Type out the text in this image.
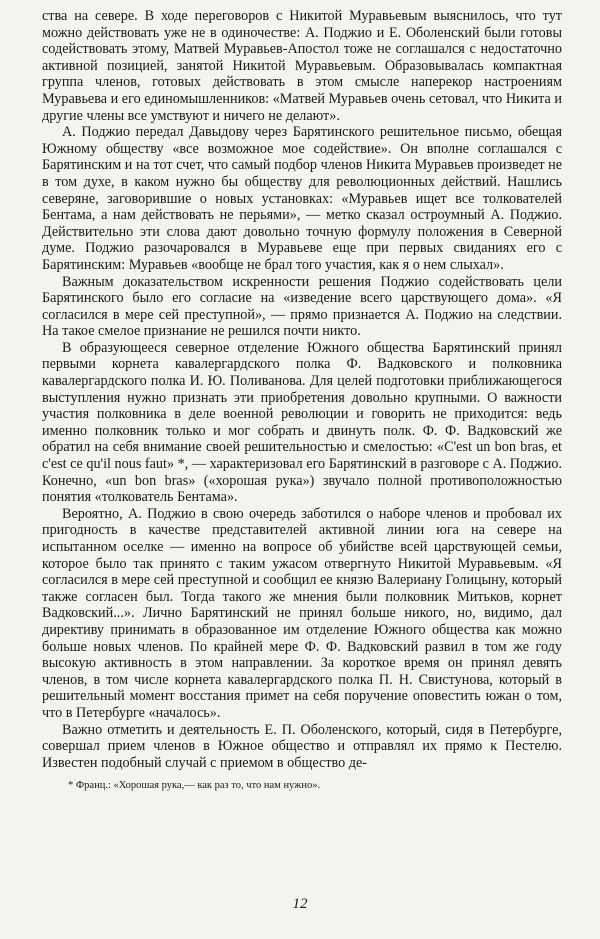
ства на севере. В ходе переговоров с Никитой Муравьевым выяснилось, что тут можно действовать уже не в одиночестве: А. Поджио и Е. Оболенский были готовы содействовать этому, Матвей Муравьев-Апостол тоже не соглашался с недостаточно активной позицией, занятой Никитой Муравьевым. Образовывалась компактная группа членов, готовых действовать в этом смысле наперекор настроениям Муравьева и его единомышленников: «Матвей Муравьев очень сетовал, что Никита и другие члены все умствуют и ничего не делают».

А. Поджио передал Давыдову через Барятинского решительное письмо, обещая Южному обществу «все возможное мое содействие». Он вполне соглашался с Барятинским и на тот счет, что самый подбор членов Никита Муравьев произведет не в том духе, в каком нужно бы обществу для революционных действий. Нашлись северяне, заговорившие о новых установках: «Муравьев ищет все толкователей Бентама, а нам действовать не перьями», — метко сказал остроумный А. Поджио. Действительно эти слова дают довольно точную формулу положения в Северной думе. Поджио разочаровался в Муравьеве еще при первых свиданиях его с Барятинским: Муравьев «вообще не брал того участия, как я о нем слыхал».

Важным доказательством искренности решения Поджио содействовать цели Барятинского было его согласие на «изведение всего царствующего дома». «Я согласился в мере сей преступной», — прямо признается А. Поджио на следствии. На такое смелое признание не решился почти никто.

В образующееся северное отделение Южного общества Барятинский принял первыми корнета кавалергардского полка Ф. Вадковского и полковника кавалергардского полка И. Ю. Поливанова. Для целей подготовки приближающегося выступления нужно признать эти приобретения довольно крупными. О важности участия полковника в деле военной революции и говорить не приходится: ведь именно полковник только и мог собрать и двинуть полк. Ф. Ф. Вадковский же обратил на себя внимание своей решительностью и смелостью: «C'est un bon bras, et c'est ce qu'il nous faut» *, — характеризовал его Барятинский в разговоре с А. Поджио. Конечно, «un bon bras» («хорошая рука») звучало полной противоположностью понятия «толкователь Бентама».

Вероятно, А. Поджио в свою очередь заботился о наборе членов и пробовал их пригодность в качестве представителей активной линии юга на севере на испытанном оселке — именно на вопросе об убийстве всей царствующей семьи, которое было так принято с таким ужасом отвергнуто Никитой Муравьевым. «Я согласился в мере сей преступной и сообщил ее князю Валериану Голицыну, который также согласен был. Тогда такого же мнения были полковник Митьков, корнет Вадковский...». Лично Барятинский не принял больше никого, но, видимо, дал директиву принимать в образованное им отделение Южного общества как можно больше новых членов. По крайней мере Ф. Ф. Вадковский развил в том же году высокую активность в этом направлении. За короткое время он принял девять членов, в том числе корнета кавалергардского полка П. Н. Свистунова, который в решительный момент восстания примет на себя поручение оповестить южан о том, что в Петербурге «началось».

Важно отметить и деятельность Е. П. Оболенского, который, сидя в Петербурге, совершал прием членов в Южное общество и отправлял их прямо к Пестелю. Известен подобный случай с приемом в общество де-

* Франц.: «Хорошая рука,— как раз то, что нам нужно».
12
